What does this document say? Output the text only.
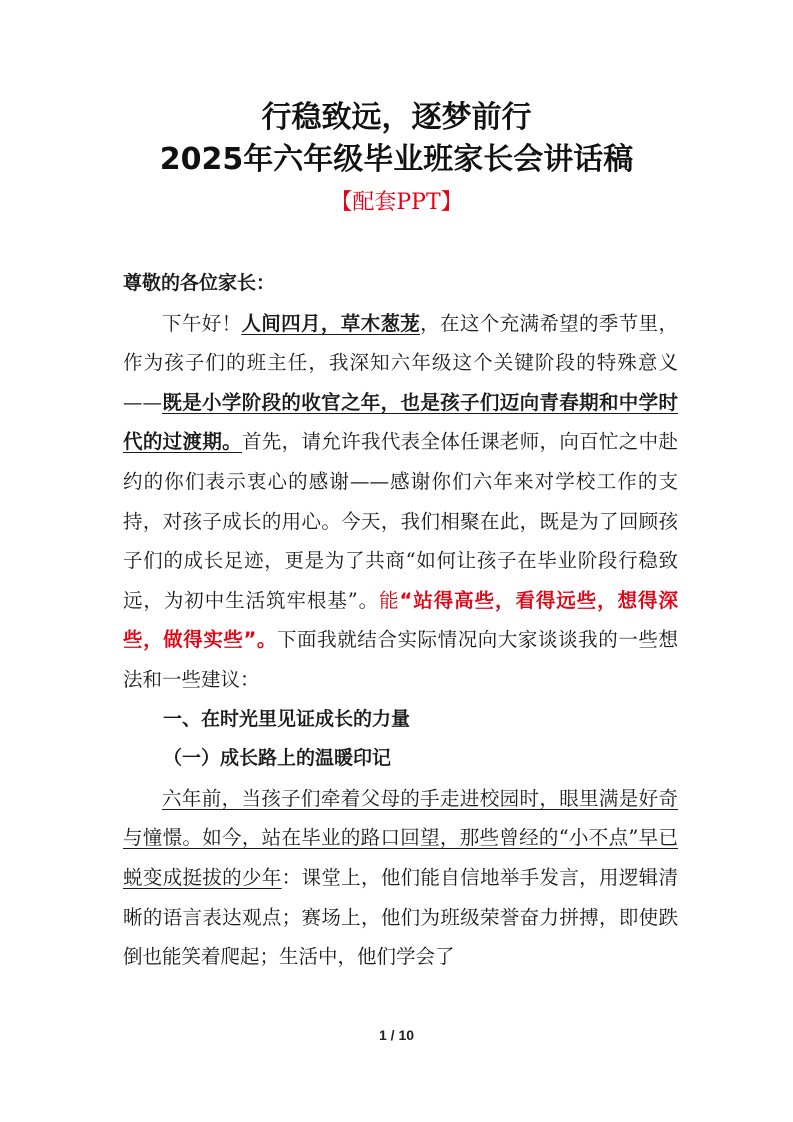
行稳致远，逐梦前行
2025年六年级毕业班家长会讲话稿
【配套PPT】

尊敬的各位家长：

下午好！人间四月，草木葱茏，在这个充满希望的季节里，作为孩子们的班主任，我深知六年级这个关键阶段的特殊意义——既是小学阶段的收官之年，也是孩子们迈向青春期和中学时代的过渡期。首先，请允许我代表全体任课老师，向百忙之中赴约的你们表示衷心的感谢——感谢你们六年来对学校工作的支持，对孩子成长的用心。今天，我们相聚在此，既是为了回顾孩子们的成长足迹，更是为了共商“如何让孩子在毕业阶段行稳致远，为初中生活筑牢根基”。能“站得高些，看得远些，想得深些，做得实些”。下面我就结合实际情况向大家谈谈我的一些想法和一些建议：

一、在时光里见证成长的力量

（一）成长路上的温暖印记

六年前，当孩子们牵着父母的手走进校园时，眼里满是好奇与憧憬。如今，站在毕业的路口回望，那些曾经的“小不点”早已蜕变成挺拔的少年：课堂上，他们能自信地举手发言，用逻辑清晰的语言表达观点；赛场上，他们为班级荣誉奋力拼搏，即使跌倒也能笑着爬起；生活中，他们学会了

1 / 10
